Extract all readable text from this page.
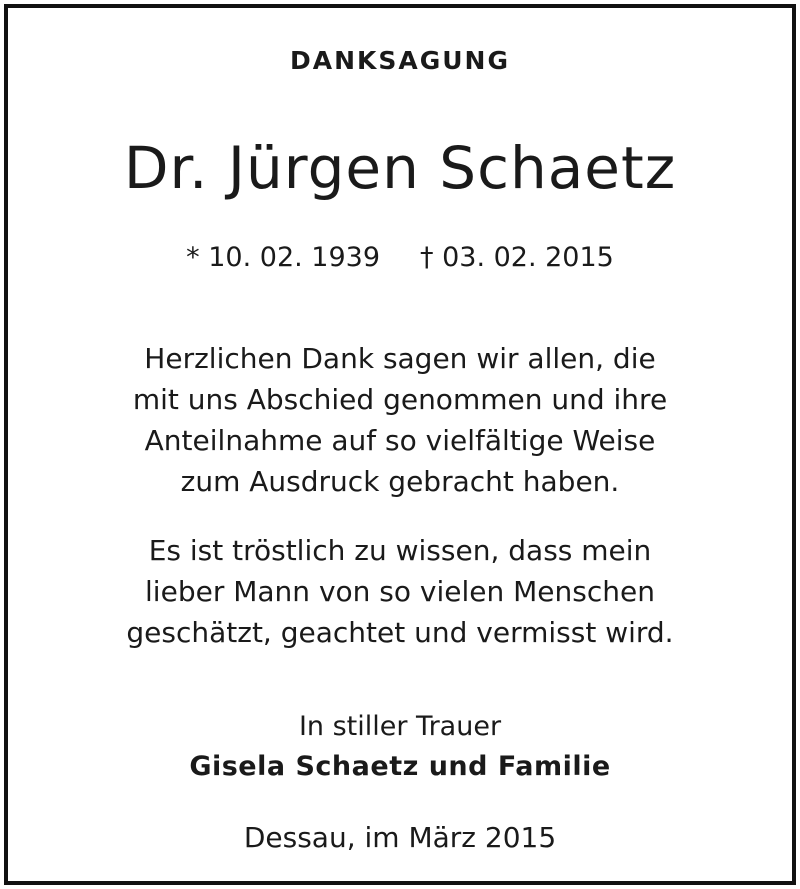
DANKSAGUNG
Dr. Jürgen Schaetz
* 10. 02. 1939 † 03. 02. 2015
Herzlichen Dank sagen wir allen, die
mit uns Abschied genommen und ihre
Anteilnahme auf so vielfältige Weise
zum Ausdruck gebracht haben.
Es ist tröstlich zu wissen, dass mein
lieber Mann von so vielen Menschen
geschätzt, geachtet und vermisst wird.
In stiller Trauer
Gisela Schaetz und Familie
Dessau, im März 2015
